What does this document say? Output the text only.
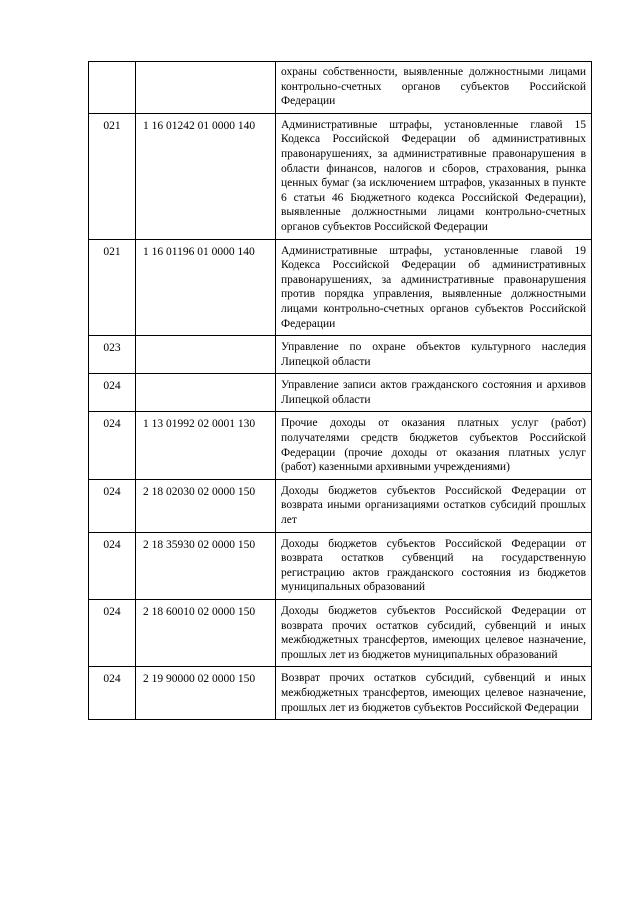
		охраны собственности, выявленные должностными лицами контрольно-счетных органов субъектов Российской Федерации
021	1 16 01242 01 0000 140	Административные штрафы, установленные главой 15 Кодекса Российской Федерации об административных правонарушениях, за административные правонарушения в области финансов, налогов и сборов, страхования, рынка ценных бумаг (за исключением штрафов, указанных в пункте 6 статьи 46 Бюджетного кодекса Российской Федерации), выявленные должностными лицами контрольно-счетных органов субъектов Российской Федерации
021	1 16 01196 01 0000 140	Административные штрафы, установленные главой 19 Кодекса Российской Федерации об административных правонарушениях, за административные правонарушения против порядка управления, выявленные должностными лицами контрольно-счетных органов субъектов Российской Федерации
023		Управление по охране объектов культурного наследия Липецкой области
024		Управление записи актов гражданского состояния и архивов Липецкой области
024	1 13 01992 02 0001 130	Прочие доходы от оказания платных услуг (работ) получателями средств бюджетов субъектов Российской Федерации (прочие доходы от оказания платных услуг (работ) казенными архивными учреждениями)
024	2 18 02030 02 0000 150	Доходы бюджетов субъектов Российской Федерации от возврата иными организациями остатков субсидий прошлых лет
024	2 18 35930 02 0000 150	Доходы бюджетов субъектов Российской Федерации от возврата остатков субвенций на государственную регистрацию актов гражданского состояния из бюджетов муниципальных образований
024	2 18 60010 02 0000 150	Доходы бюджетов субъектов Российской Федерации от возврата прочих остатков субсидий, субвенций и иных межбюджетных трансфертов, имеющих целевое назначение, прошлых лет из бюджетов муниципальных образований
024	2 19 90000 02 0000 150	Возврат прочих остатков субсидий, субвенций и иных межбюджетных трансфертов, имеющих целевое назначение, прошлых лет из бюджетов субъектов Российской Федерации
